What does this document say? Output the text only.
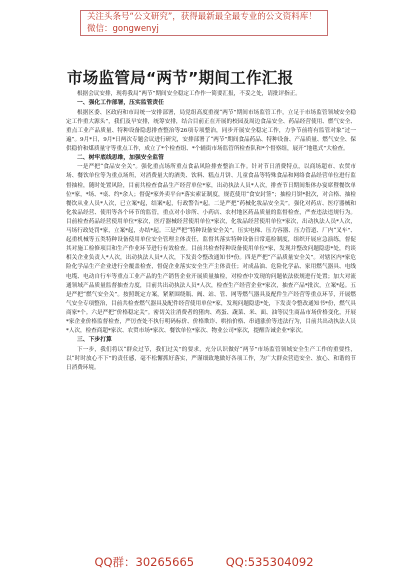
关注头条号“公文研究”，获得最新最全最专业的公文资料库！微信：gongwenyj
市场监管局“两节”期间工作汇报

根据会议安排，现将我局“两节”期间安全稳定工作作一简要汇报，不妥之处，请批评指正。

一、强化工作部署，压实监管责任

根据区委、区政府和市局统一安排部署，局党组高度重视“两节”期间市场监管工作，立足于市场监管领域安全稳定工作重大源头”，我们及早安排，统筹安排，结合目前正在开展的校园及周边食品安全、药品经营使用、燃气安全、重点工业产品质量、特种设备隐患排查整治等26项专项整治，同步开展安全稳定工作，力争节前将有监管对象“过一遍”。9月*日，9月*日两次专题会议进行研究，安排部署了“两节”期间食品药品、特种设备、产品质量、燃气安全、保供稳价和煤质量守等重点工作，成立了*个检查组、*个辅街市场监管所检查队和*个督察组，展开“地毯式”大检查。

二、树牢底线思维，加强安全监管

一是严把“食品安全关”。强化重点场所重点食品风险排查整治工作。针对节日消费特点，以商场超市、农贸市场、餐饮单位等为重点场所，对消费量大的酒类、饮料、糕点月饼、儿童食品等特殊食品和网络食品经营单位进行监督抽检，随时处置风险，目前共检查食品生产经营单位*家，出动执法人员*人次，排查节日期间集体办宴席暨餐饮单位*家，*场、*桌、约*余人；督促*家外卖平台*落实索证制度，规范使用“食安封签”；抽检月饼*批次，对合格、抽检餐饮从业人员*人次，已立案*起，结案*起，行政警告*起。二是严把“药械化妆品安全关”。强化对药店、医疗器械和化妆品经营、使用等各个环节的监管，重点对小诊所、小药店、农村地区药品质量的监督检查，严查违法违规行为。目前检查药品经营使用单位*家次，医疗器械经营使用单位*家次，化妆品经营使用单位*家次，出动执法人员*人次，马场行政处罚*家，立案*起，办结*起。三是严把“特种设备安全关”。压实电梯、压力容器、压力管道、厂内“叉车”、起重机械等五类特种设备使用单位安全管理主体责任，监督其落实特种设备日常巡检制度，组织开展应急演练，督促其对施工检修项目和生产作业环节进行有效检查。目前共检查特种设备使用单位*家，发现并整改问题隐患*处，约谈相关企业负责人*人次，出动执法人员*人次，下发责令整改通知书*份。四是严把“产品质量安全关”。对辖区内*家危险化学品生产企业进行全覆盖检查，督促企业落实安全生产主体责任；对成品油、危险化学品、家用燃气器具、电线电缆、电动自行车等重点工业产品的生产销售企业开展质量抽检，对检查中发现的问题依法依规进行处置；加大对流通领域产品质量监督抽查力度，目前共出动执法人员*人次，检查生产经营企业*家次，抽查产品*批次，立案*起。五是严把“燃气安全关”。按照既定方案，紧紧围绕瓶、阀、站、管、网等燃气器具及配件生产经营等重点环节，开展燃气安全专项整治，目前共检查燃气器具及配件经营使用单位*家，发现问题隐患*处，下发责令整改通知书*份，燃气具商家*个。六是严把“价格稳定关”。密切关注消费者的猪肉、鸡蛋、蔬菜、米、面、油等民生商品市场价格变化，开展*家企业价格监督检查，严厉查处不执行明码标价、价格欺诈、哄抬价格、串通涨价等违法行为，目前共出动执法人员*人次，检查商超*家次、农贸市场*家次、餐饮单位*家次、物业公司*家次，提醒告诫企业*家次。

三、下步打算

下一步，我们将以“群众过节，我们过关”的要求，充分认识做好“两节”市场监管领域安全生产工作的重要性，以“时时放心不下”的责任感，毫不松懈抓好落实，严谨细致地做好各项工作，为广大群众营造安全、放心、和谐的节日消费环境。

QQ群：30265665	QQ:535304092
